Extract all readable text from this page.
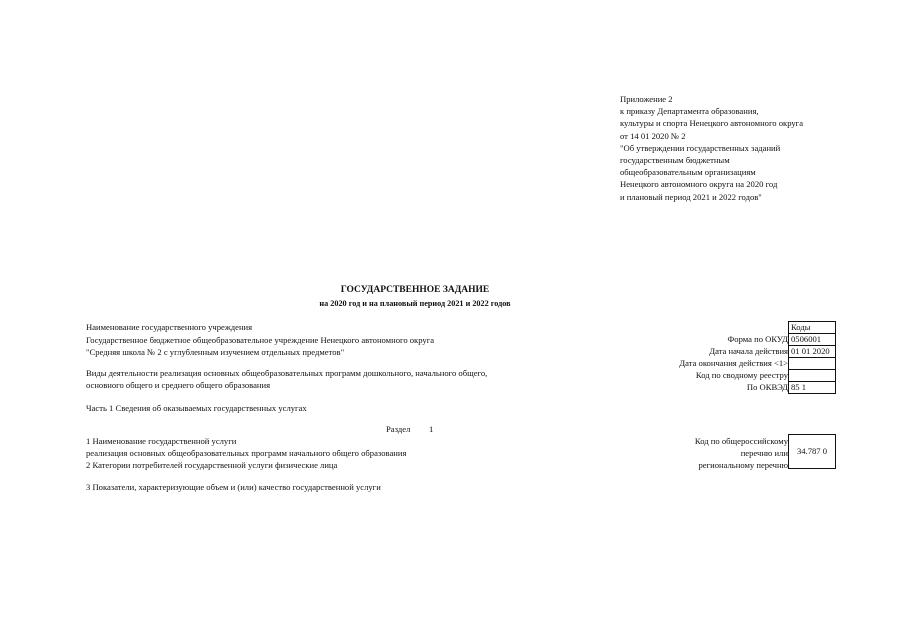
Приложение 2
к приказу Департамента образования,
культуры и спорта Ненецкого автономного округа
от 14 01 2020 № 2
"Об утверждении государственных заданий
государственным бюджетным
общеобразовательным организациям
Ненецкого автономного округа на 2020 год
и плановый период 2021 и 2022 годов"
ГОСУДАРСТВЕННОЕ ЗАДАНИЕ
на 2020 год и на плановый период 2021 и 2022 годов
Наименование государственного учреждения
Государственное бюджетное общеобразовательное учреждение Ненецкого автономного округа
"Средняя школа № 2 с углубленным изучением отдельных предметов"
Виды деятельности реализация основных общеобразовательных программ дошкольного, начального общего,
основного общего и среднего общего образования
Форма по ОКУД
Дата начала действия
Дата окончания действия <1>
Код по сводному реестру
По ОКВЭД
Коды
0506001
01 01 2020
85 1
Часть 1 Сведения об оказываемых государственных услугах
Раздел 1
1 Наименование государственной услуги
реализация основных общеобразовательных программ начального общего образования
2 Категории потребителей государственной услуги физические лица
3 Показатели, характеризующие объем и (или) качество государственной услуги
Код по общероссийскому
перечню или
региональному перечню
34.787 0
